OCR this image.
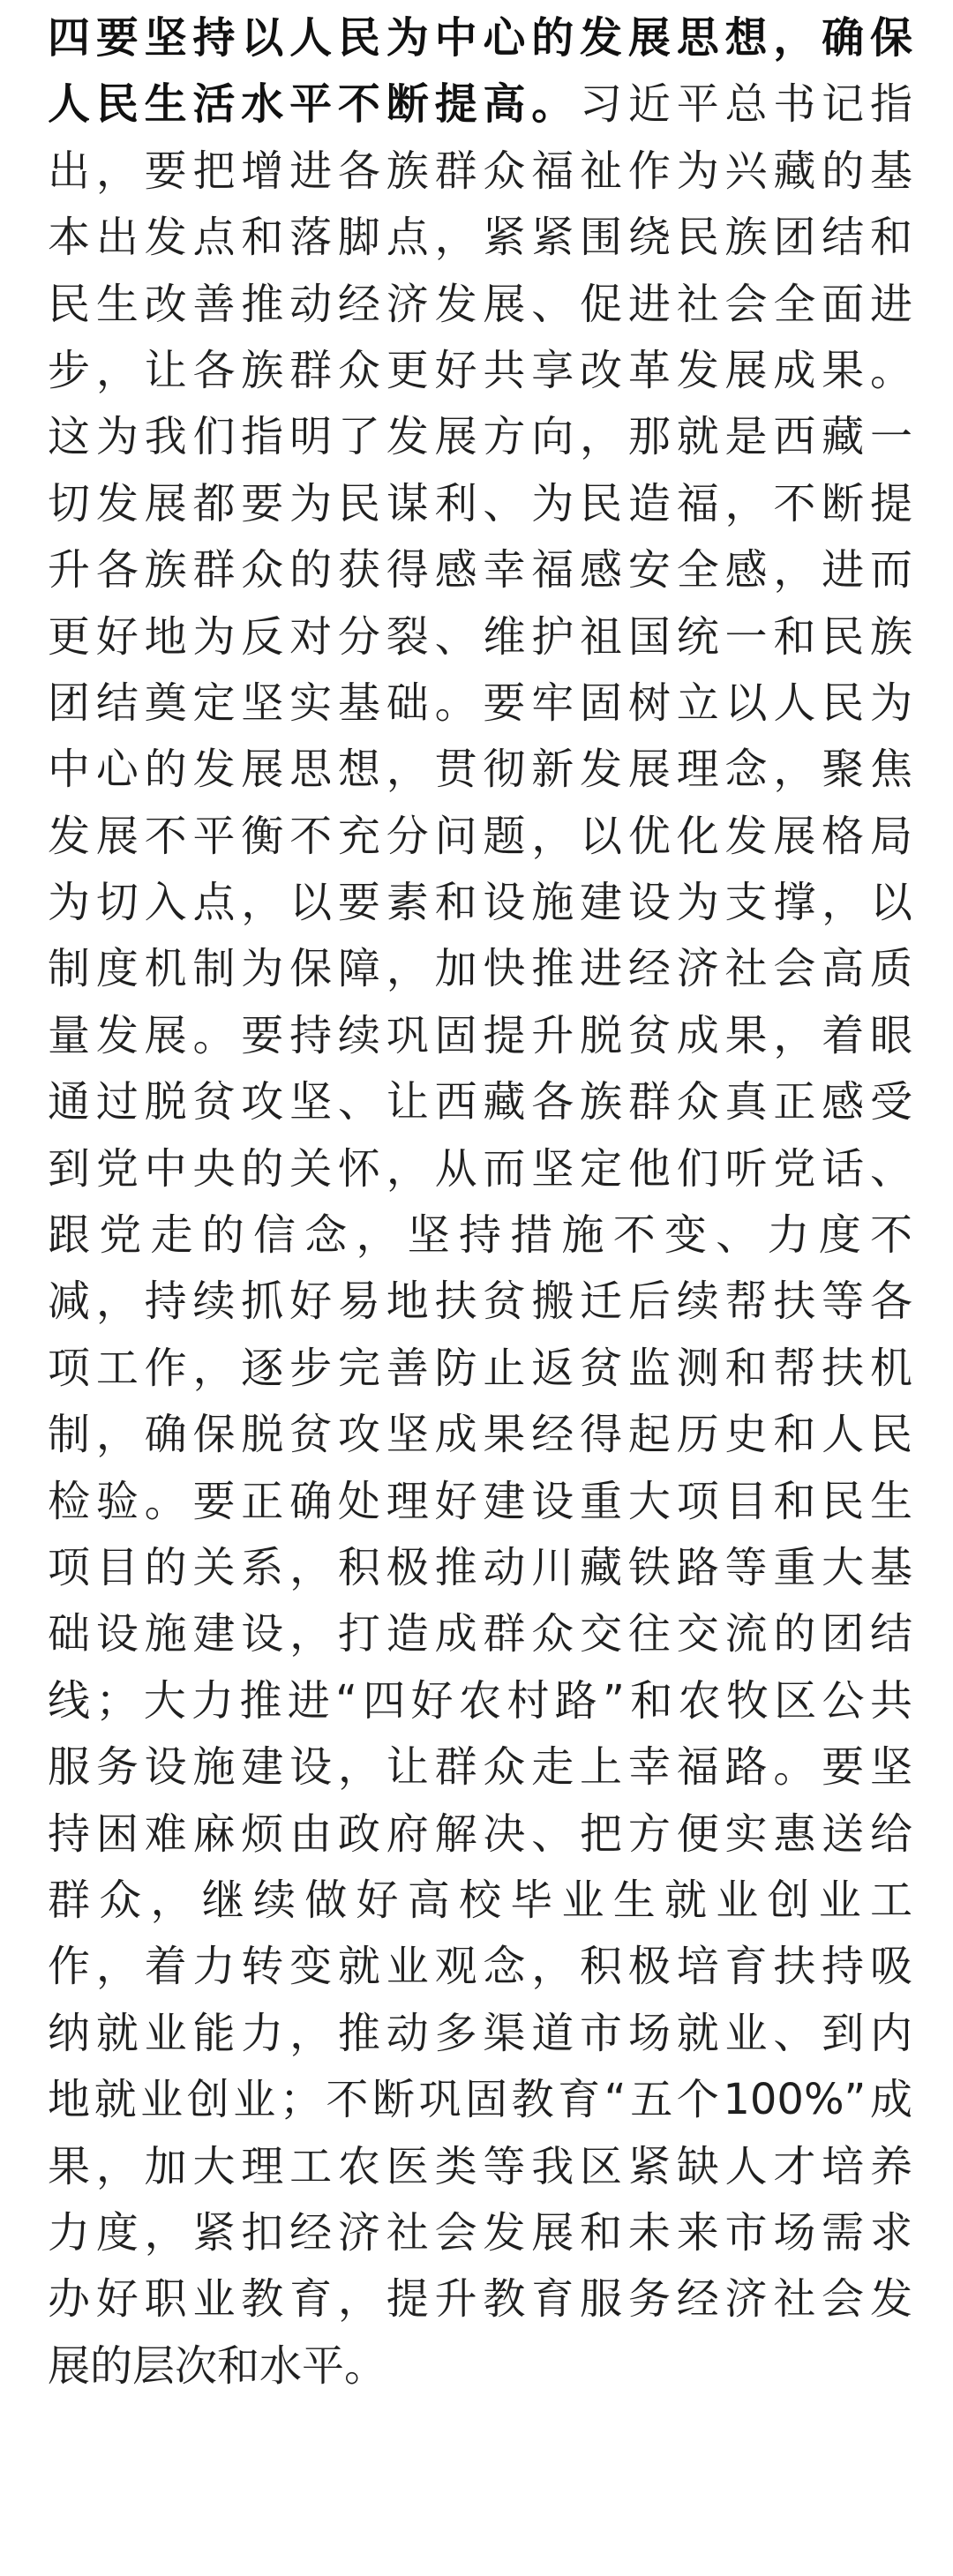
四要坚持以人民为中心的发展思想，确保
人民生活水平不断提高。习近平总书记指
出，要把增进各族群众福祉作为兴藏的基
本出发点和落脚点，紧紧围绕民族团结和
民生改善推动经济发展、促进社会全面进
步，让各族群众更好共享改革发展成果。
这为我们指明了发展方向，那就是西藏一
切发展都要为民谋利、为民造福，不断提
升各族群众的获得感幸福感安全感，进而
更好地为反对分裂、维护祖国统一和民族
团结奠定坚实基础。要牢固树立以人民为
中心的发展思想，贯彻新发展理念，聚焦
发展不平衡不充分问题，以优化发展格局
为切入点，以要素和设施建设为支撑，以
制度机制为保障，加快推进经济社会高质
量发展。要持续巩固提升脱贫成果，着眼
通过脱贫攻坚、让西藏各族群众真正感受
到党中央的关怀，从而坚定他们听党话、
跟党走的信念，坚持措施不变、力度不
减，持续抓好易地扶贫搬迁后续帮扶等各
项工作，逐步完善防止返贫监测和帮扶机
制，确保脱贫攻坚成果经得起历史和人民
检验。要正确处理好建设重大项目和民生
项目的关系，积极推动川藏铁路等重大基
础设施建设，打造成群众交往交流的团结
线；大力推进“四好农村路”和农牧区公共
服务设施建设，让群众走上幸福路。要坚
持困难麻烦由政府解决、把方便实惠送给
群众，继续做好高校毕业生就业创业工
作，着力转变就业观念，积极培育扶持吸
纳就业能力，推动多渠道市场就业、到内
地就业创业；不断巩固教育“五个100%”成
果，加大理工农医类等我区紧缺人才培养
力度，紧扣经济社会发展和未来市场需求
办好职业教育，提升教育服务经济社会发
展的层次和水平。
